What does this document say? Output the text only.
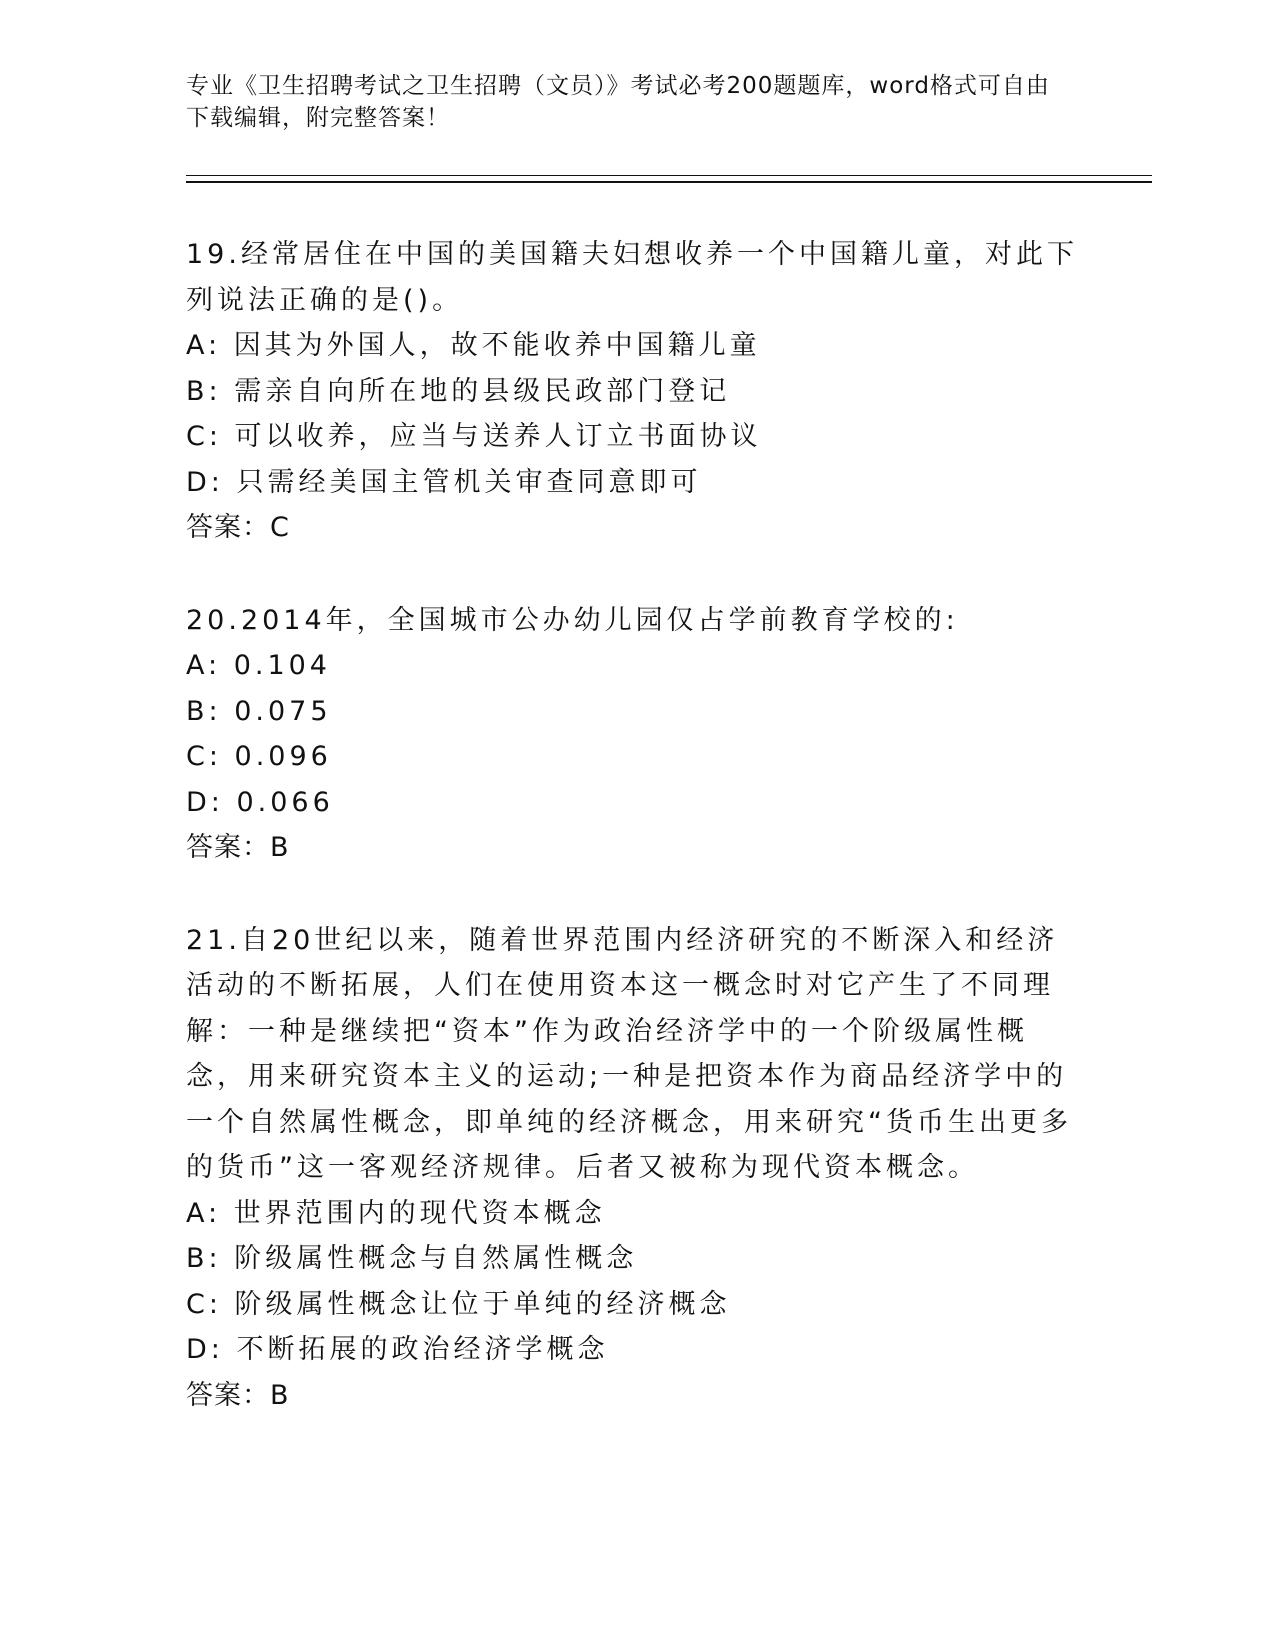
专业《卫生招聘考试之卫生招聘（文员）》考试必考200题题库，word格式可自由下载编辑，附完整答案！
19.经常居住在中国的美国籍夫妇想收养一个中国籍儿童，对此下列说法正确的是()。
A: 因其为外国人，故不能收养中国籍儿童
B: 需亲自向所在地的县级民政部门登记
C: 可以收养，应当与送养人订立书面协议
D: 只需经美国主管机关审查同意即可
答案：C
20.2014年，全国城市公办幼儿园仅占学前教育学校的:
A: 0.104
B: 0.075
C: 0.096
D: 0.066
答案：B
21.自20世纪以来，随着世界范围内经济研究的不断深入和经济活动的不断拓展，人们在使用资本这一概念时对它产生了不同理解：一种是继续把“资本”作为政治经济学中的一个阶级属性概念，用来研究资本主义的运动;一种是把资本作为商品经济学中的一个自然属性概念，即单纯的经济概念，用来研究“货币生出更多的货币”这一客观经济规律。后者又被称为现代资本概念。
A: 世界范围内的现代资本概念
B: 阶级属性概念与自然属性概念
C: 阶级属性概念让位于单纯的经济概念
D: 不断拓展的政治经济学概念
答案：B
